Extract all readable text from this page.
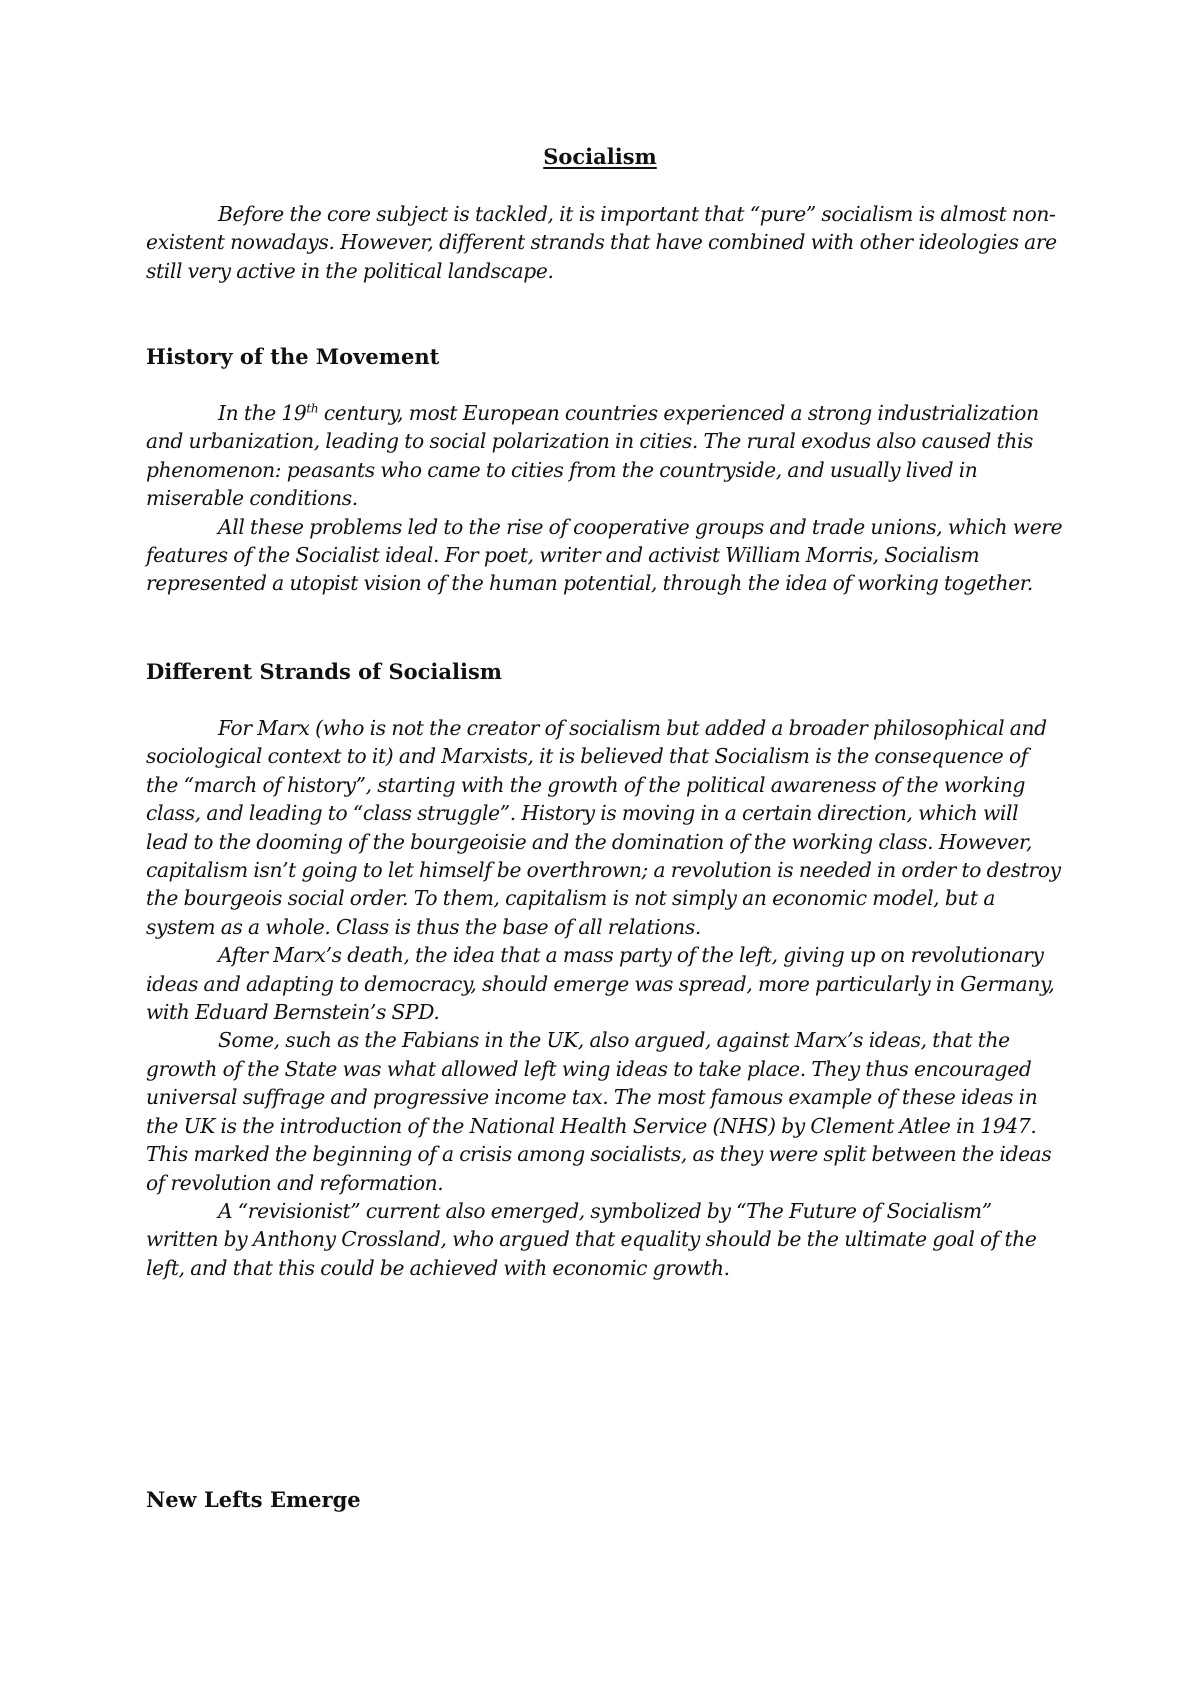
Socialism

Before the core subject is tackled, it is important that “pure” socialism is almost non-existent nowadays. However, different strands that have combined with other ideologies are still very active in the political landscape.

History of the Movement

In the 19th century, most European countries experienced a strong industrialization and urbanization, leading to social polarization in cities. The rural exodus also caused this phenomenon: peasants who came to cities from the countryside, and usually lived in miserable conditions.

All these problems led to the rise of cooperative groups and trade unions, which were features of the Socialist ideal. For poet, writer and activist William Morris, Socialism represented a utopist vision of the human potential, through the idea of working together.

Different Strands of Socialism

For Marx (who is not the creator of socialism but added a broader philosophical and sociological context to it) and Marxists, it is believed that Socialism is the consequence of the “march of history”, starting with the growth of the political awareness of the working class, and leading to “class struggle”. History is moving in a certain direction, which will lead to the dooming of the bourgeoisie and the domination of the working class. However, capitalism isn’t going to let himself be overthrown; a revolution is needed in order to destroy the bourgeois social order. To them, capitalism is not simply an economic model, but a system as a whole. Class is thus the base of all relations.

After Marx’s death, the idea that a mass party of the left, giving up on revolutionary ideas and adapting to democracy, should emerge was spread, more particularly in Germany, with Eduard Bernstein’s SPD.

Some, such as the Fabians in the UK, also argued, against Marx’s ideas, that the growth of the State was what allowed left wing ideas to take place. They thus encouraged universal suffrage and progressive income tax. The most famous example of these ideas in the UK is the introduction of the National Health Service (NHS) by Clement Atlee in 1947. This marked the beginning of a crisis among socialists, as they were split between the ideas of revolution and reformation.

A “revisionist” current also emerged, symbolized by “The Future of Socialism” written by Anthony Crossland, who argued that equality should be the ultimate goal of the left, and that this could be achieved with economic growth.

New Lefts Emerge
